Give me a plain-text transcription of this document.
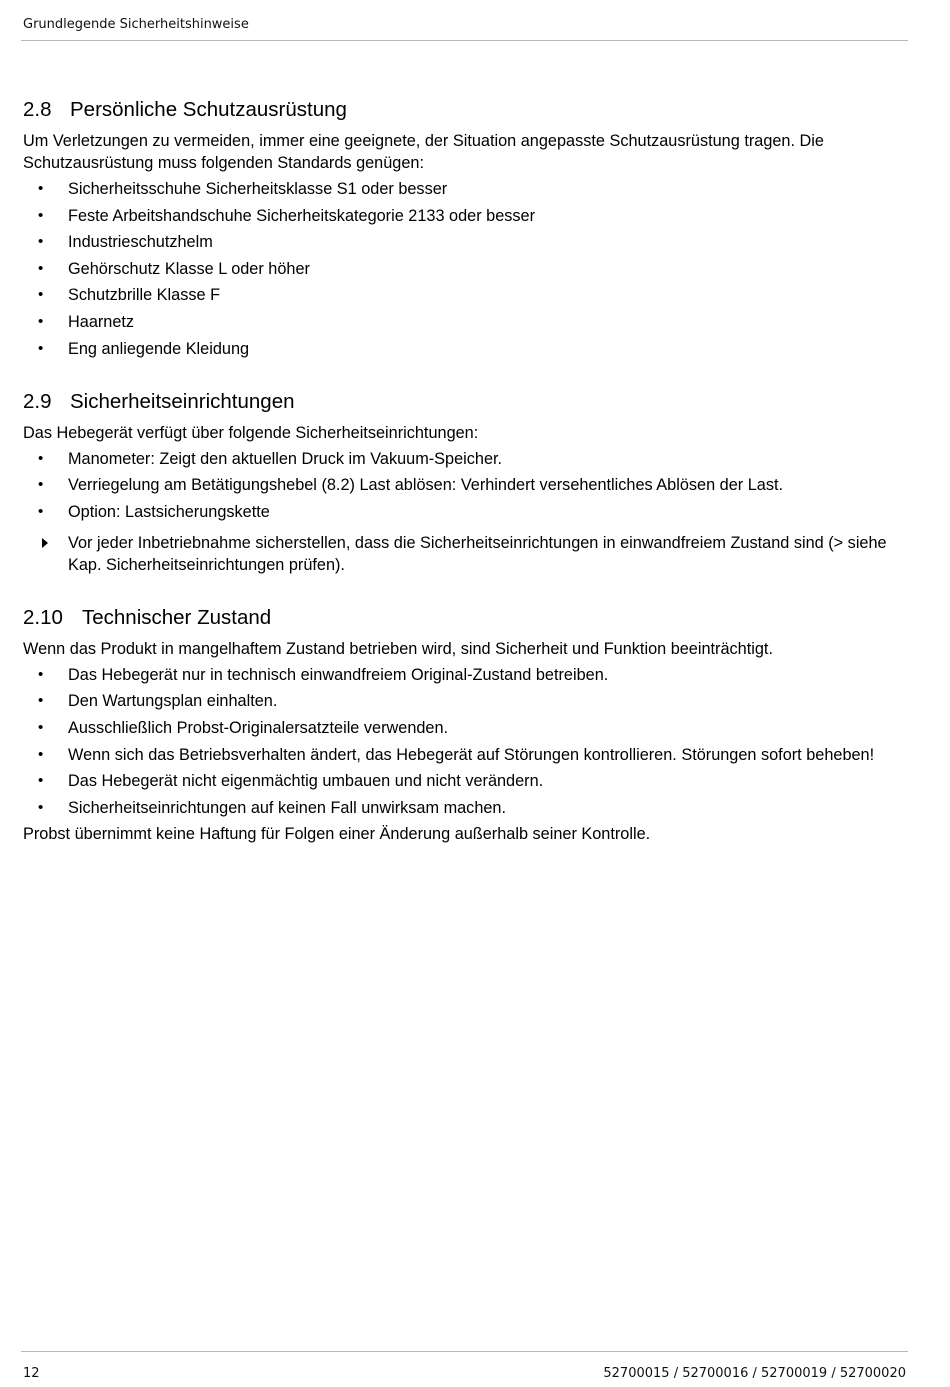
Grundlegende Sicherheitshinweise
2.8 Persönliche Schutzausrüstung

Um Verletzungen zu vermeiden, immer eine geeignete, der Situation angepasste Schutzausrüstung tragen. Die Schutzausrüstung muss folgenden Standards genügen:

• Sicherheitsschuhe Sicherheitsklasse S1 oder besser
• Feste Arbeitshandschuhe Sicherheitskategorie 2133 oder besser
• Industrieschutzhelm
• Gehörschutz Klasse L oder höher
• Schutzbrille Klasse F
• Haarnetz
• Eng anliegende Kleidung
2.9 Sicherheitseinrichtungen

Das Hebegerät verfügt über folgende Sicherheitseinrichtungen:

• Manometer: Zeigt den aktuellen Druck im Vakuum-Speicher.
• Verriegelung am Betätigungshebel (8.2) Last ablösen: Verhindert versehentliches Ablösen der Last.
• Option: Lastsicherungskette
Vor jeder Inbetriebnahme sicherstellen, dass die Sicherheitseinrichtungen in einwandfreiem Zustand sind (> siehe Kap. Sicherheitseinrichtungen prüfen).
2.10 Technischer Zustand

Wenn das Produkt in mangelhaftem Zustand betrieben wird, sind Sicherheit und Funktion beeinträchtigt.

• Das Hebegerät nur in technisch einwandfreiem Original-Zustand betreiben.
• Den Wartungsplan einhalten.
• Ausschließlich Probst-Originalersatzteile verwenden.
• Wenn sich das Betriebsverhalten ändert, das Hebegerät auf Störungen kontrollieren. Störungen sofort beheben!
• Das Hebegerät nicht eigenmächtig umbauen und nicht verändern.
• Sicherheitseinrichtungen auf keinen Fall unwirksam machen.

Probst übernimmt keine Haftung für Folgen einer Änderung außerhalb seiner Kontrolle.

12	52700015 / 52700016 / 52700019 / 52700020
